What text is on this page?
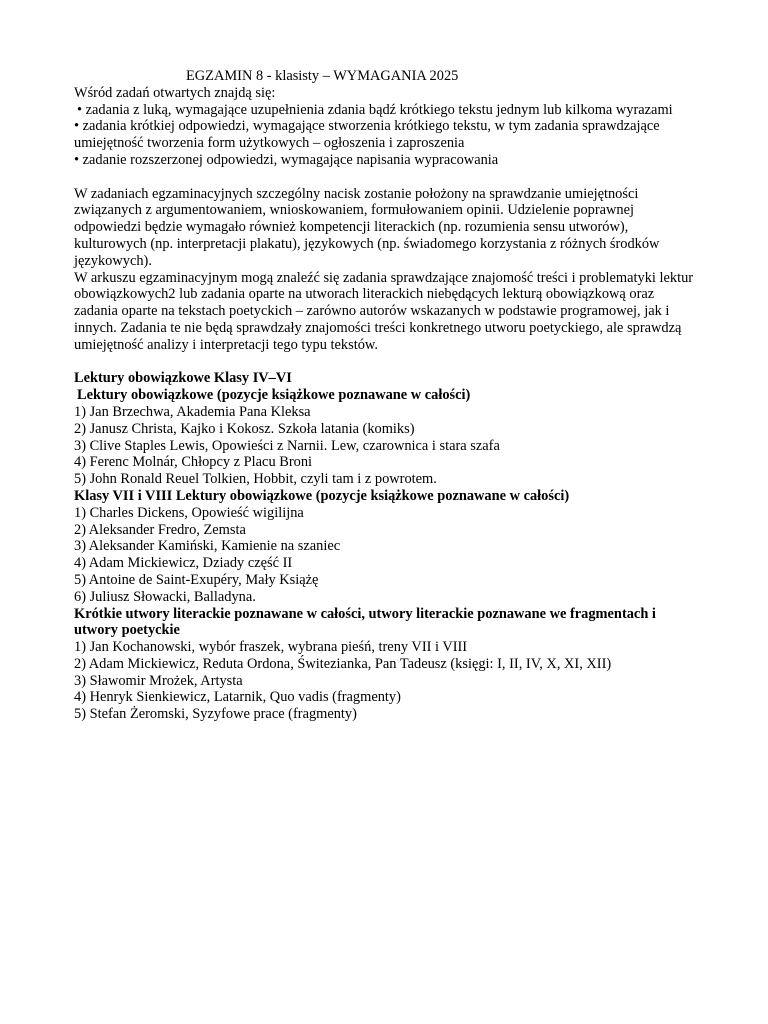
EGZAMIN 8 - klasisty – WYMAGANIA 2025
Wśród zadań otwartych znajdą się:
• zadania z luką, wymagające uzupełnienia zdania bądź krótkiego tekstu jednym lub kilkoma wyrazami
• zadania krótkiej odpowiedzi, wymagające stworzenia krótkiego tekstu, w tym zadania sprawdzające umiejętność tworzenia form użytkowych – ogłoszenia i zaproszenia
• zadanie rozszerzonej odpowiedzi, wymagające napisania wypracowania
W zadaniach egzaminacyjnych szczególny nacisk zostanie położony na sprawdzanie umiejętności związanych z argumentowaniem, wnioskowaniem, formułowaniem opinii. Udzielenie poprawnej odpowiedzi będzie wymagało również kompetencji literackich (np. rozumienia sensu utworów), kulturowych (np. interpretacji plakatu), językowych (np. świadomego korzystania z różnych środków językowych).
W arkuszu egzaminacyjnym mogą znaleźć się zadania sprawdzające znajomość treści i problematyki lektur obowiązkowych2 lub zadania oparte na utworach literackich niebędących lekturą obowiązkową oraz zadania oparte na tekstach poetyckich – zarówno autorów wskazanych w podstawie programowej, jak i innych. Zadania te nie będą sprawdzały znajomości treści konkretnego utworu poetyckiego, ale sprawdzą umiejętność analizy i interpretacji tego typu tekstów.
Lektury obowiązkowe Klasy IV–VI
Lektury obowiązkowe (pozycje książkowe poznawane w całości)
1) Jan Brzechwa, Akademia Pana Kleksa
2) Janusz Christa, Kajko i Kokosz. Szkoła latania (komiks)
3) Clive Staples Lewis, Opowieści z Narnii. Lew, czarownica i stara szafa
4) Ferenc Molnár, Chłopcy z Placu Broni
5) John Ronald Reuel Tolkien, Hobbit, czyli tam i z powrotem.
Klasy VII i VIII Lektury obowiązkowe (pozycje książkowe poznawane w całości)
1) Charles Dickens, Opowieść wigilijna
2) Aleksander Fredro, Zemsta
3) Aleksander Kamiński, Kamienie na szaniec
4) Adam Mickiewicz, Dziady część II
5) Antoine de Saint-Exupéry, Mały Książę
6) Juliusz Słowacki, Balladyna.
Krótkie utwory literackie poznawane w całości, utwory literackie poznawane we fragmentach i utwory poetyckie
1) Jan Kochanowski, wybór fraszek, wybrana pieśń, treny VII i VIII
2) Adam Mickiewicz, Reduta Ordona, Świtezianka, Pan Tadeusz (księgi: I, II, IV, X, XI, XII)
3) Sławomir Mrożek, Artysta
4) Henryk Sienkiewicz, Latarnik, Quo vadis (fragmenty)
5) Stefan Żeromski, Syzyfowe prace (fragmenty)
